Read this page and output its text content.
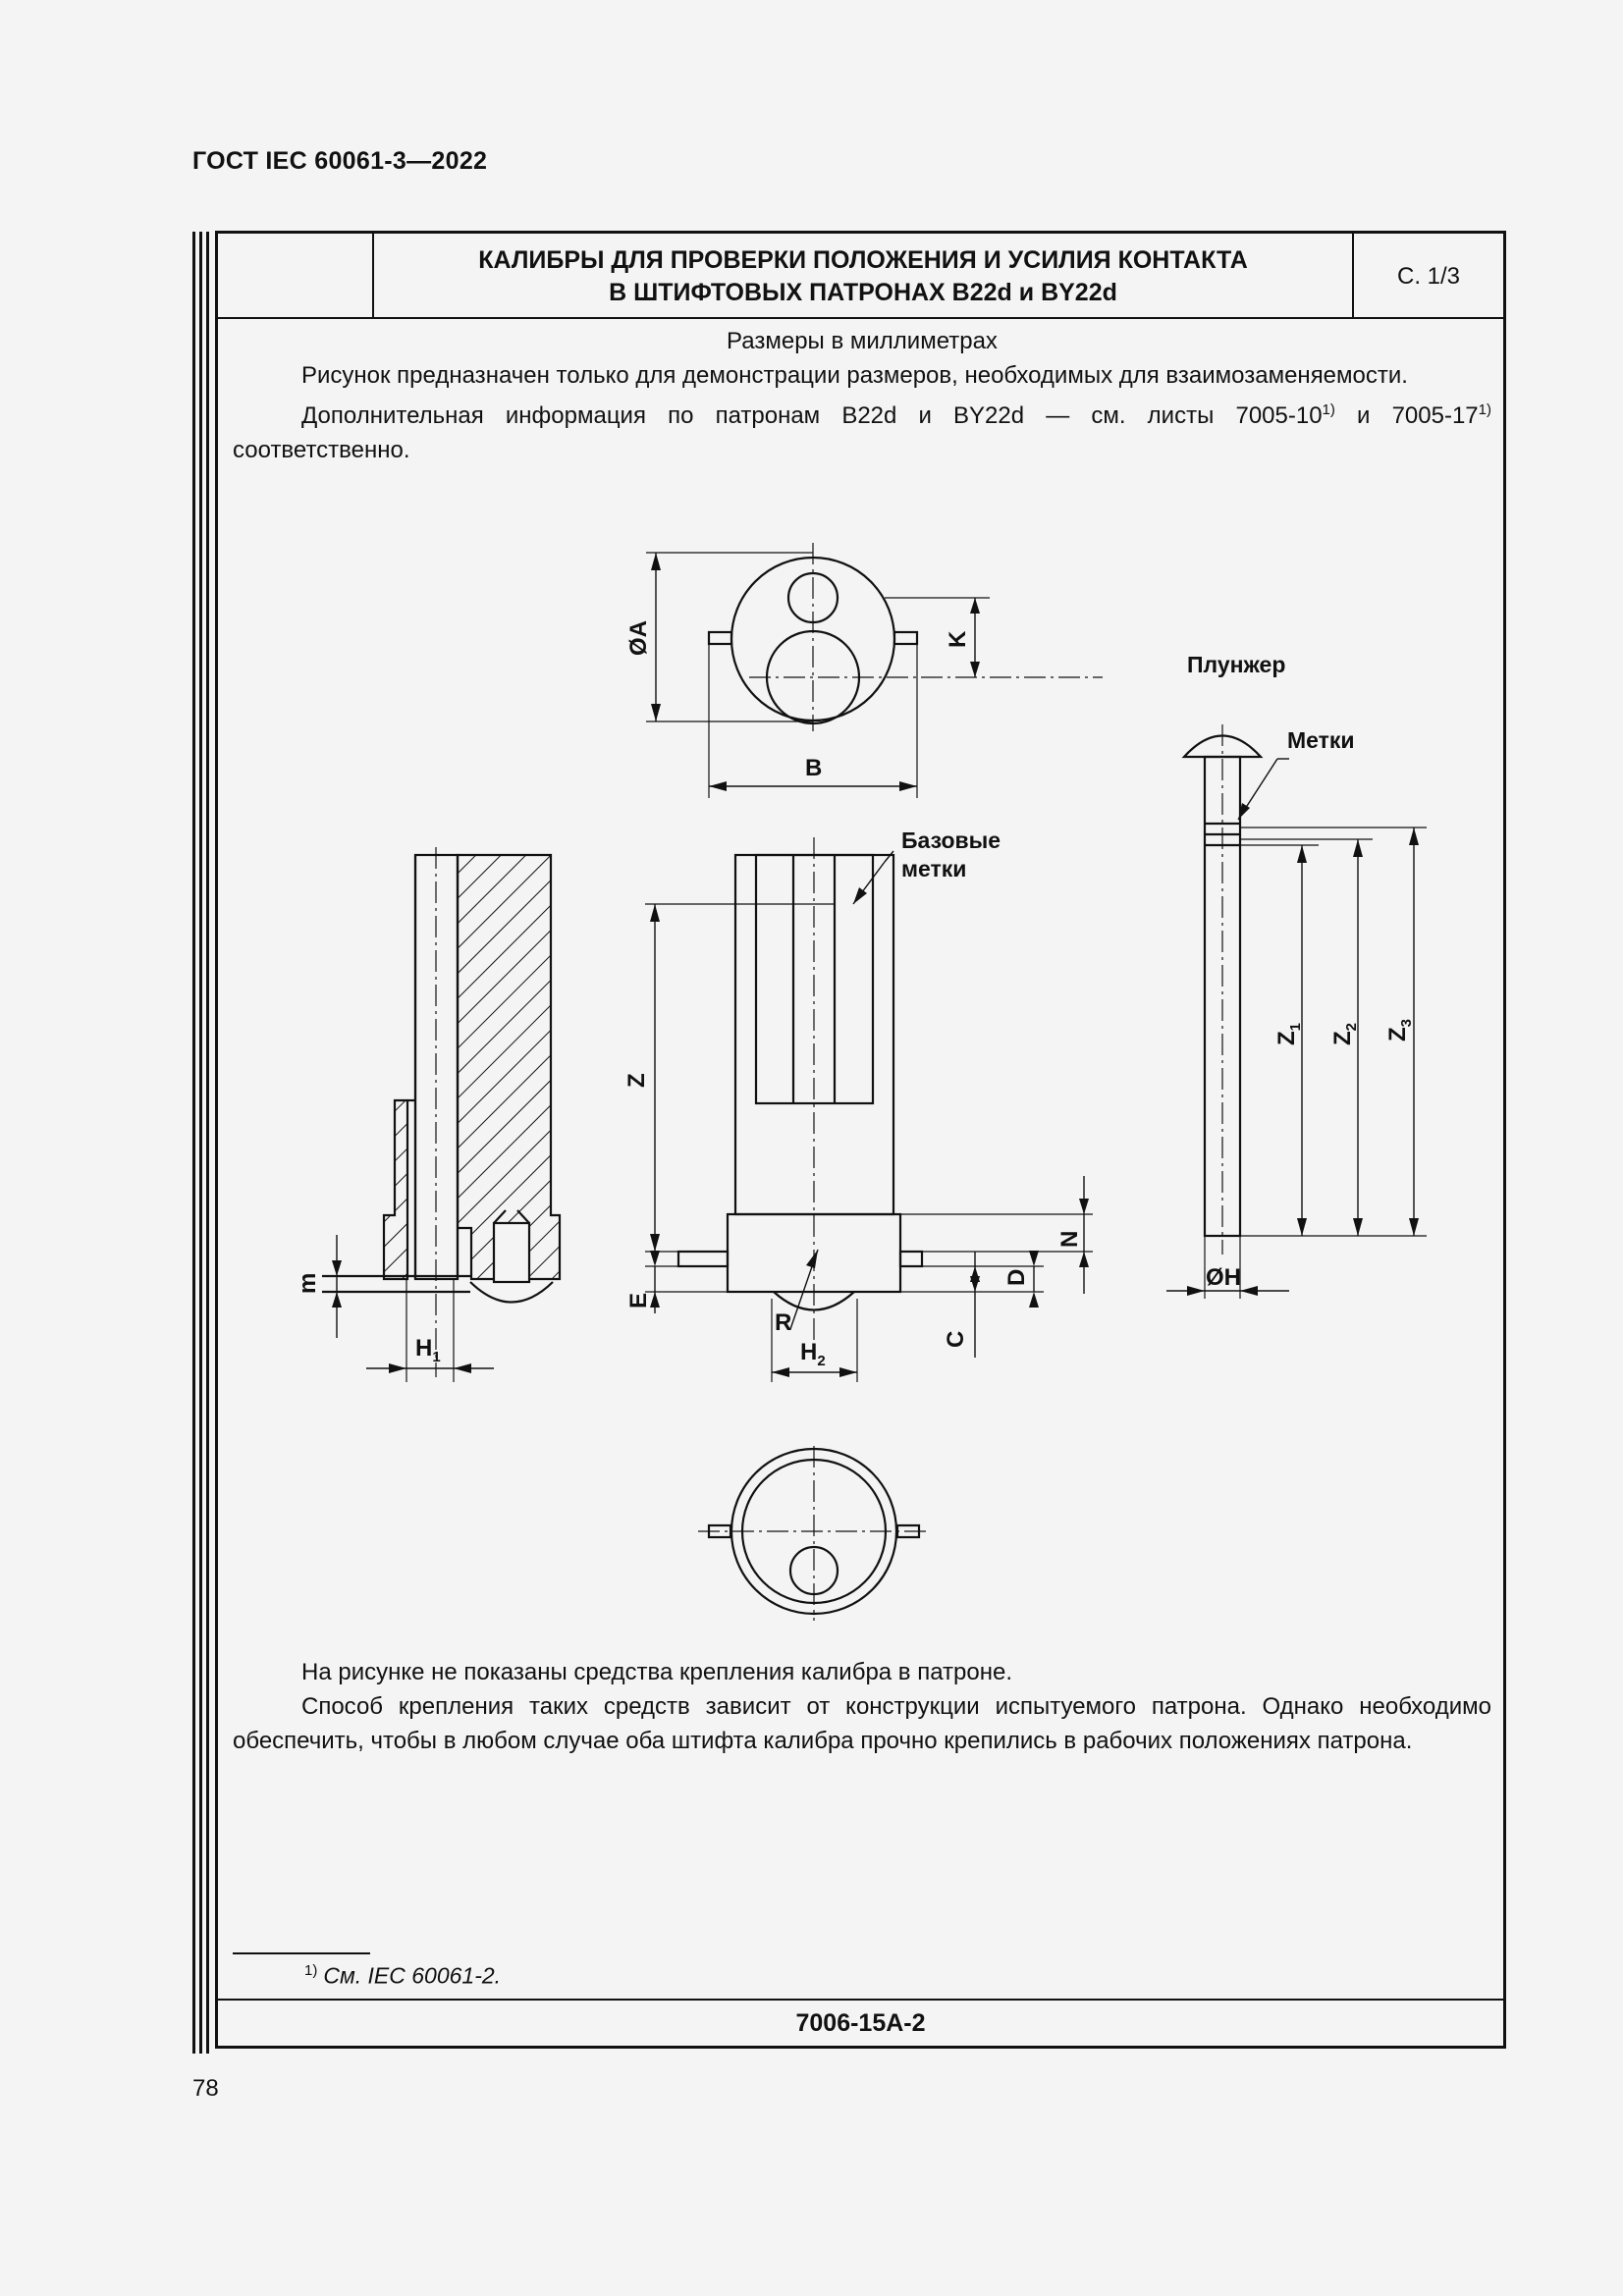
ГОСТ IEC 60061-3—2022
КАЛИБРЫ ДЛЯ ПРОВЕРКИ ПОЛОЖЕНИЯ И УСИЛИЯ КОНТАКТА
В ШТИФТОВЫХ ПАТРОНАХ B22d и BY22d
С. 1/3
Размеры в миллиметрах

Рисунок предназначен только для демонстрации размеров, необходимых для взаимозаменяемости.

Дополнительная информация по патронам B22d и BY22d — см. листы 7005-10$^{1)}$ и 7005-17$^{1)}$ соответственно.

ØA	K
B
Плунжер
Метки
Базовые
метки
Z
E
N
D
C
R
m
$H_1$	$H_2$
$Z_1$
$Z_2$
$Z_3$
ØH

На рисунке не показаны средства крепления калибра в патроне.

Способ крепления таких средств зависит от конструкции испытуемого патрона. Однако необходимо обеспечить, чтобы в любом случае оба штифта калибра прочно крепились в рабочих положениях патрона.

$^{1)}$ См. IEC 60061-2.
7006-15A-2
78
